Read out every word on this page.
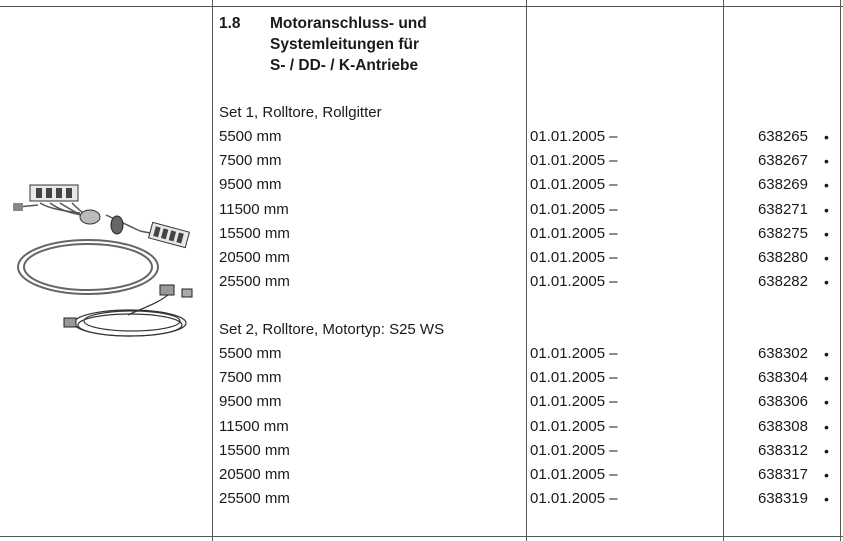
1.8 Motoranschluss- und
Systemleitungen für
S- / DD- / K-Antriebe
Set 1, Rolltore, Rollgitter
5500 mm	01.01.2005 –	638265 •
7500 mm	01.01.2005 –	638267 •
9500 mm	01.01.2005 –	638269 •
11500 mm	01.01.2005 –	638271 •
15500 mm	01.01.2005 –	638275 •
20500 mm	01.01.2005 –	638280 •
25500 mm	01.01.2005 –	638282 •
Set 2, Rolltore, Motortyp: S25 WS
5500 mm	01.01.2005 –	638302 •
7500 mm	01.01.2005 –	638304 •
9500 mm	01.01.2005 –	638306 •
11500 mm	01.01.2005 –	638308 •
15500 mm	01.01.2005 –	638312 •
20500 mm	01.01.2005 –	638317 •
25500 mm	01.01.2005 –	638319 •
